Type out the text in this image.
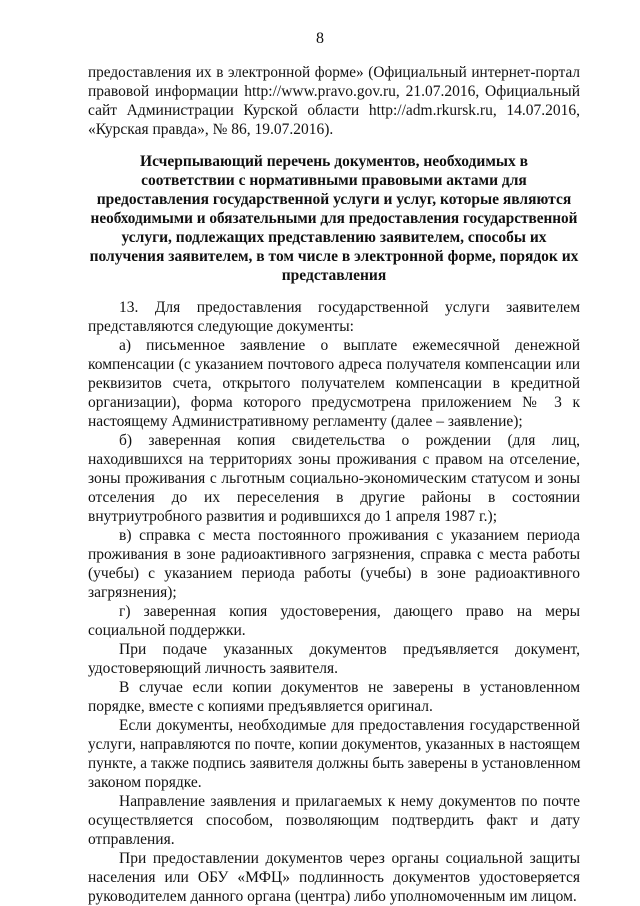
8
предоставления их в электронной форме» (Официальный интернет-портал
правовой информации http://www.pravo.gov.ru, 21.07.2016, Официальный
сайт Администрации Курской области http://adm.rkursk.ru, 14.07.2016,
«Курская правда», № 86, 19.07.2016).
Исчерпывающий перечень документов, необходимых в
соответствии с нормативными правовыми актами для
предоставления государственной услуги и услуг, которые являются
необходимыми и обязательными для предоставления государственной
услуги, подлежащих представлению заявителем, способы их
получения заявителем, в том числе в электронной форме, порядок их
представления
13. Для предоставления государственной услуги заявителем
представляются следующие документы:
а) письменное заявление о выплате ежемесячной денежной
компенсации (с указанием почтового адреса получателя компенсации или
реквизитов счета, открытого получателем компенсации в кредитной
организации), форма которого предусмотрена приложением № 3 к
настоящему Административному регламенту (далее – заявление);
б) заверенная копия свидетельства о рождении (для лиц,
находившихся на территориях зоны проживания с правом на отселение,
зоны проживания с льготным социально-экономическим статусом и зоны
отселения до их переселения в другие районы в состоянии
внутриутробного развития и родившихся до 1 апреля 1987 г.);
в) справка с места постоянного проживания с указанием периода
проживания в зоне радиоактивного загрязнения, справка с места работы
(учебы) с указанием периода работы (учебы) в зоне радиоактивного
загрязнения);
г) заверенная копия удостоверения, дающего право на меры
социальной поддержки.
При подаче указанных документов предъявляется документ,
удостоверяющий личность заявителя.
В случае если копии документов не заверены в установленном
порядке, вместе с копиями предъявляется оригинал.
Если документы, необходимые для предоставления государственной
услуги, направляются по почте, копии документов, указанных в настоящем
пункте, а также подпись заявителя должны быть заверены в установленном
законом порядке.
Направление заявления и прилагаемых к нему документов по почте
осуществляется способом, позволяющим подтвердить факт и дату
отправления.
При предоставлении документов через органы социальной защиты
населения или ОБУ «МФЦ» подлинность документов удостоверяется
руководителем данного органа (центра) либо уполномоченным им лицом.
